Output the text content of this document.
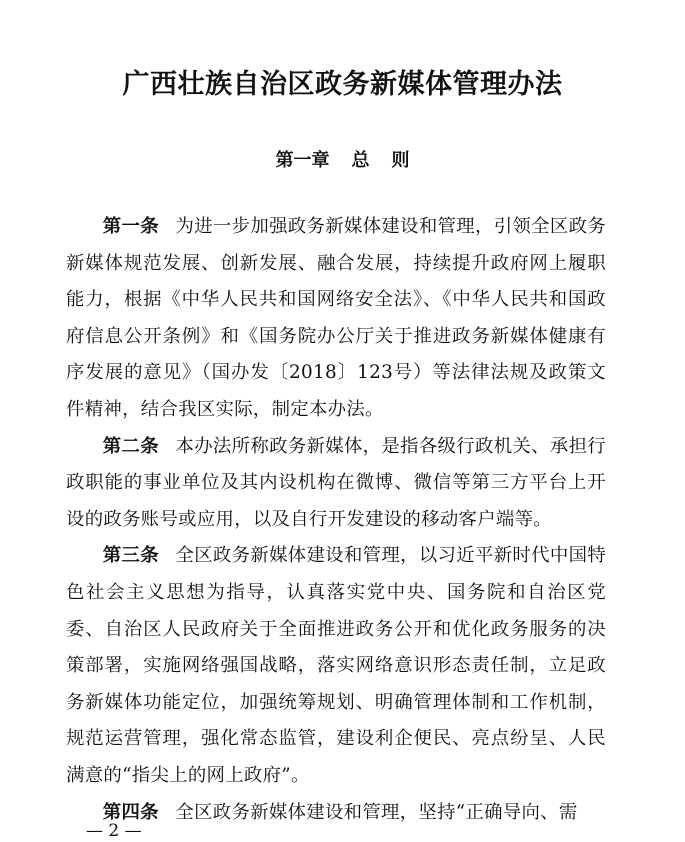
广西壮族自治区政务新媒体管理办法
第一章 总 则

第一条 为进一步加强政务新媒体建设和管理，引领全区政务新媒体规范发展、创新发展、融合发展，持续提升政府网上履职能力，根据《中华人民共和国网络安全法》、《中华人民共和国政府信息公开条例》和《国务院办公厅关于推进政务新媒体健康有序发展的意见》（国办发〔2018〕123号）等法律法规及政策文件精神，结合我区实际，制定本办法。

第二条 本办法所称政务新媒体，是指各级行政机关、承担行政职能的事业单位及其内设机构在微博、微信等第三方平台上开设的政务账号或应用，以及自行开发建设的移动客户端等。

第三条 全区政务新媒体建设和管理，以习近平新时代中国特色社会主义思想为指导，认真落实党中央、国务院和自治区党委、自治区人民政府关于全面推进政务公开和优化政务服务的决策部署，实施网络强国战略，落实网络意识形态责任制，立足政务新媒体功能定位，加强统筹规划、明确管理体制和工作机制，规范运营管理，强化常态监管，建设利企便民、亮点纷呈、人民满意的“指尖上的网上政府”。

第四条 全区政务新媒体建设和管理，坚持“正确导向、需

— 2 —
